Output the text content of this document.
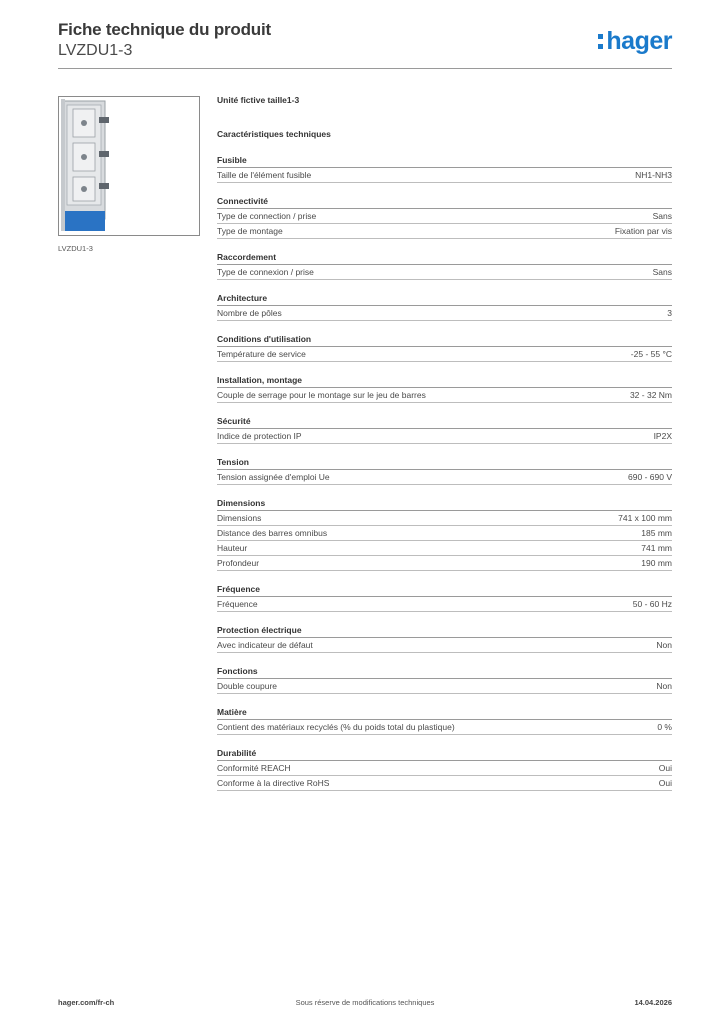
Fiche technique du produit
LVZDU1-3	hager
LVZDU1-3
Unité fictive taille1-3
Caractéristiques techniques
Fusible
Taille de l'élément fusible	NH1-NH3
Connectivité
Type de connection / prise	Sans
Type de montage	Fixation par vis
Raccordement
Type de connexion / prise	Sans
Architecture
Nombre de pôles	3
Conditions d'utilisation
Température de service	-25 - 55 °C
Installation, montage
Couple de serrage pour le montage sur le jeu de barres	32 - 32 Nm
Sécurité
Indice de protection IP	IP2X
Tension
Tension assignée d'emploi Ue	690 - 690 V
Dimensions
Dimensions	741 x 100 mm
Distance des barres omnibus	185 mm
Hauteur	741 mm
Profondeur	190 mm
Fréquence
Fréquence	50 - 60 Hz
Protection électrique
Avec indicateur de défaut	Non
Fonctions
Double coupure	Non
Matière
Contient des matériaux recyclés (% du poids total du plastique)	0 %
Durabilité
Conformité REACH	Oui
Conforme à la directive RoHS	Oui
hager.com/fr-ch	Sous réserve de modifications techniques	14.04.2026
